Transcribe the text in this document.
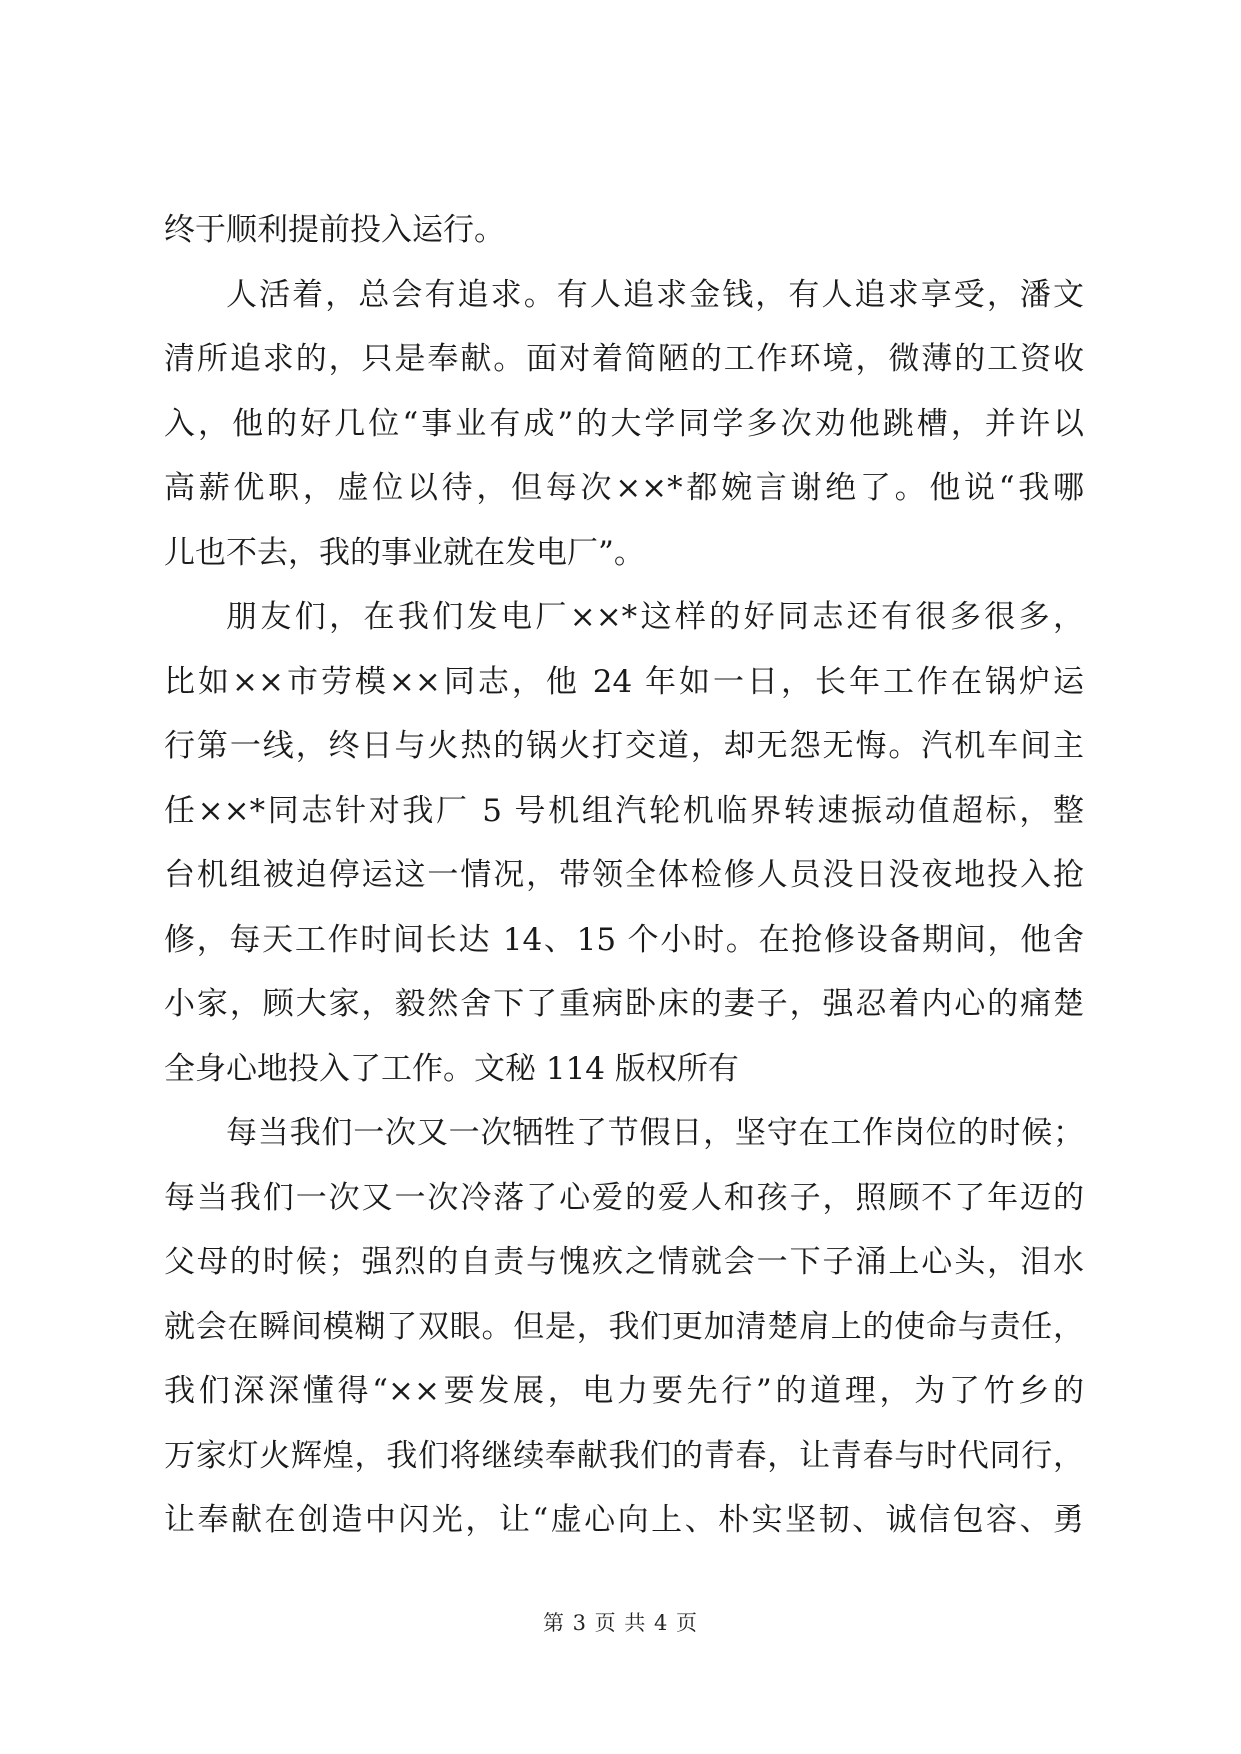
终于顺利提前投入运行。
人活着，总会有追求。有人追求金钱，有人追求享受，潘文
清所追求的，只是奉献。面对着简陋的工作环境，微薄的工资收
入，他的好几位“事业有成”的大学同学多次劝他跳槽，并许以
高薪优职，虚位以待，但每次××*都婉言谢绝了。他说“我哪
儿也不去，我的事业就在发电厂”。
朋友们，在我们发电厂××*这样的好同志还有很多很多，
比如××市劳模××同志，他 24 年如一日，长年工作在锅炉运
行第一线，终日与火热的锅火打交道，却无怨无悔。汽机车间主
任××*同志针对我厂 5 号机组汽轮机临界转速振动值超标，整
台机组被迫停运这一情况，带领全体检修人员没日没夜地投入抢
修，每天工作时间长达 14、15 个小时。在抢修设备期间，他舍
小家，顾大家，毅然舍下了重病卧床的妻子，强忍着内心的痛楚
全身心地投入了工作。文秘 114 版权所有
每当我们一次又一次牺牲了节假日，坚守在工作岗位的时候；
每当我们一次又一次冷落了心爱的爱人和孩子，照顾不了年迈的
父母的时候；强烈的自责与愧疚之情就会一下子涌上心头，泪水
就会在瞬间模糊了双眼。但是，我们更加清楚肩上的使命与责任，
我们深深懂得“××要发展，电力要先行”的道理，为了竹乡的
万家灯火辉煌，我们将继续奉献我们的青春，让青春与时代同行，
让奉献在创造中闪光，让“虚心向上、朴实坚韧、诚信包容、勇
第 3 页 共 4 页
